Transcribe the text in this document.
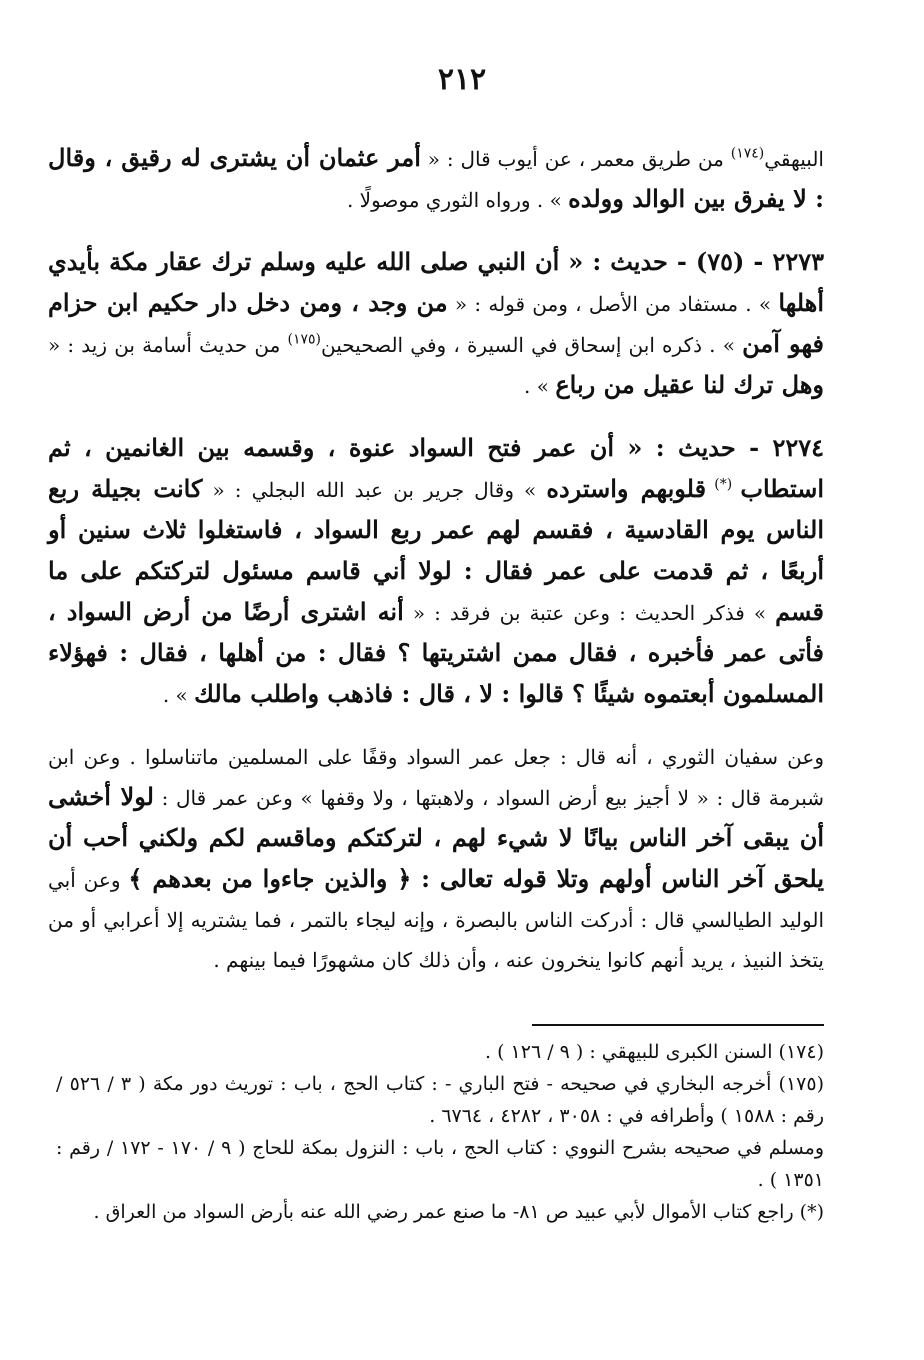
٢١٢

البيهقي$^{(١٧٤)}$ من طريق معمر ، عن أيوب قال : « أمر عثمان أن يشترى له رقيق ، وقال : لا يفرق بين الوالد وولده » . ورواه الثوري موصولًا .

٢٢٧٣ - (٧٥) - حديث : « أن النبي صلى الله عليه وسلم ترك عقار مكة بأيدي أهلها » . مستفاد من الأصل ، ومن قوله : « من وجد ، ومن دخل دار حكيم ابن حزام فهو آمن » . ذكره ابن إسحاق في السيرة ، وفي الصحيحين$^{(١٧٥)}$ من حديث أسامة بن زيد : « وهل ترك لنا عقيل من رباع » .

٢٢٧٤ - حديث : « أن عمر فتح السواد عنوة ، وقسمه بين الغانمين ، ثم استطاب (*) قلوبهم واسترده » وقال جرير بن عبد الله البجلي : « كانت بجيلة ربع الناس يوم القادسية ، فقسم لهم عمر ربع السواد ، فاستغلوا ثلاث سنين أو أربعًا ، ثم قدمت على عمر فقال : لولا أني قاسم مسئول لتركتكم على ما قسم » فذكر الحديث : وعن عتبة بن فرقد : « أنه اشترى أرضًا من أرض السواد ، فأتى عمر فأخبره ، فقال ممن اشتريتها ؟ فقال : من أهلها ، فقال : فهؤلاء المسلمون أبعتموه شيئًا ؟ قالوا : لا ، قال : فاذهب واطلب مالك » .

وعن سفيان الثوري ، أنه قال : جعل عمر السواد وقفًا على المسلمين ماتناسلوا . وعن ابن شبرمة قال : « لا أجيز بيع أرض السواد ، ولاهبتها ، ولا وقفها » وعن عمر قال : لولا أخشى أن يبقى آخر الناس بيانًا لا شيء لهم ، لتركتكم وماقسم لكم ولكني أحب أن يلحق آخر الناس أولهم وتلا قوله تعالى : ﴿ والذين جاءوا من بعدهم ﴾ وعن أبي الوليد الطيالسي قال : أدركت الناس بالبصرة ، وإنه ليجاء بالتمر ، فما يشتريه إلا أعرابي أو من يتخذ النبيذ ، يريد أنهم كانوا ينخرون عنه ، وأن ذلك كان مشهورًا فيما بينهم .

(١٧٤) السنن الكبرى للبيهقي : ( ٩ / ١٢٦ ) .

(١٧٥) أخرجه البخاري في صحيحه - فتح الباري - : كتاب الحج ، باب : توريث دور مكة ( ٣ / ٥٢٦ / رقم : ١٥٨٨ ) وأطرافه في : ٣٠٥٨ ، ٤٢٨٢ ، ٦٧٦٤ .

ومسلم في صحيحه بشرح النووي : كتاب الحج ، باب : النزول بمكة للحاج ( ٩ / ١٧٠ - ١٧٢ / رقم : ١٣٥١ ) .

(*) راجع كتاب الأموال لأبي عبيد ص ٨١- ما صنع عمر رضي الله عنه بأرض السواد من العراق .
